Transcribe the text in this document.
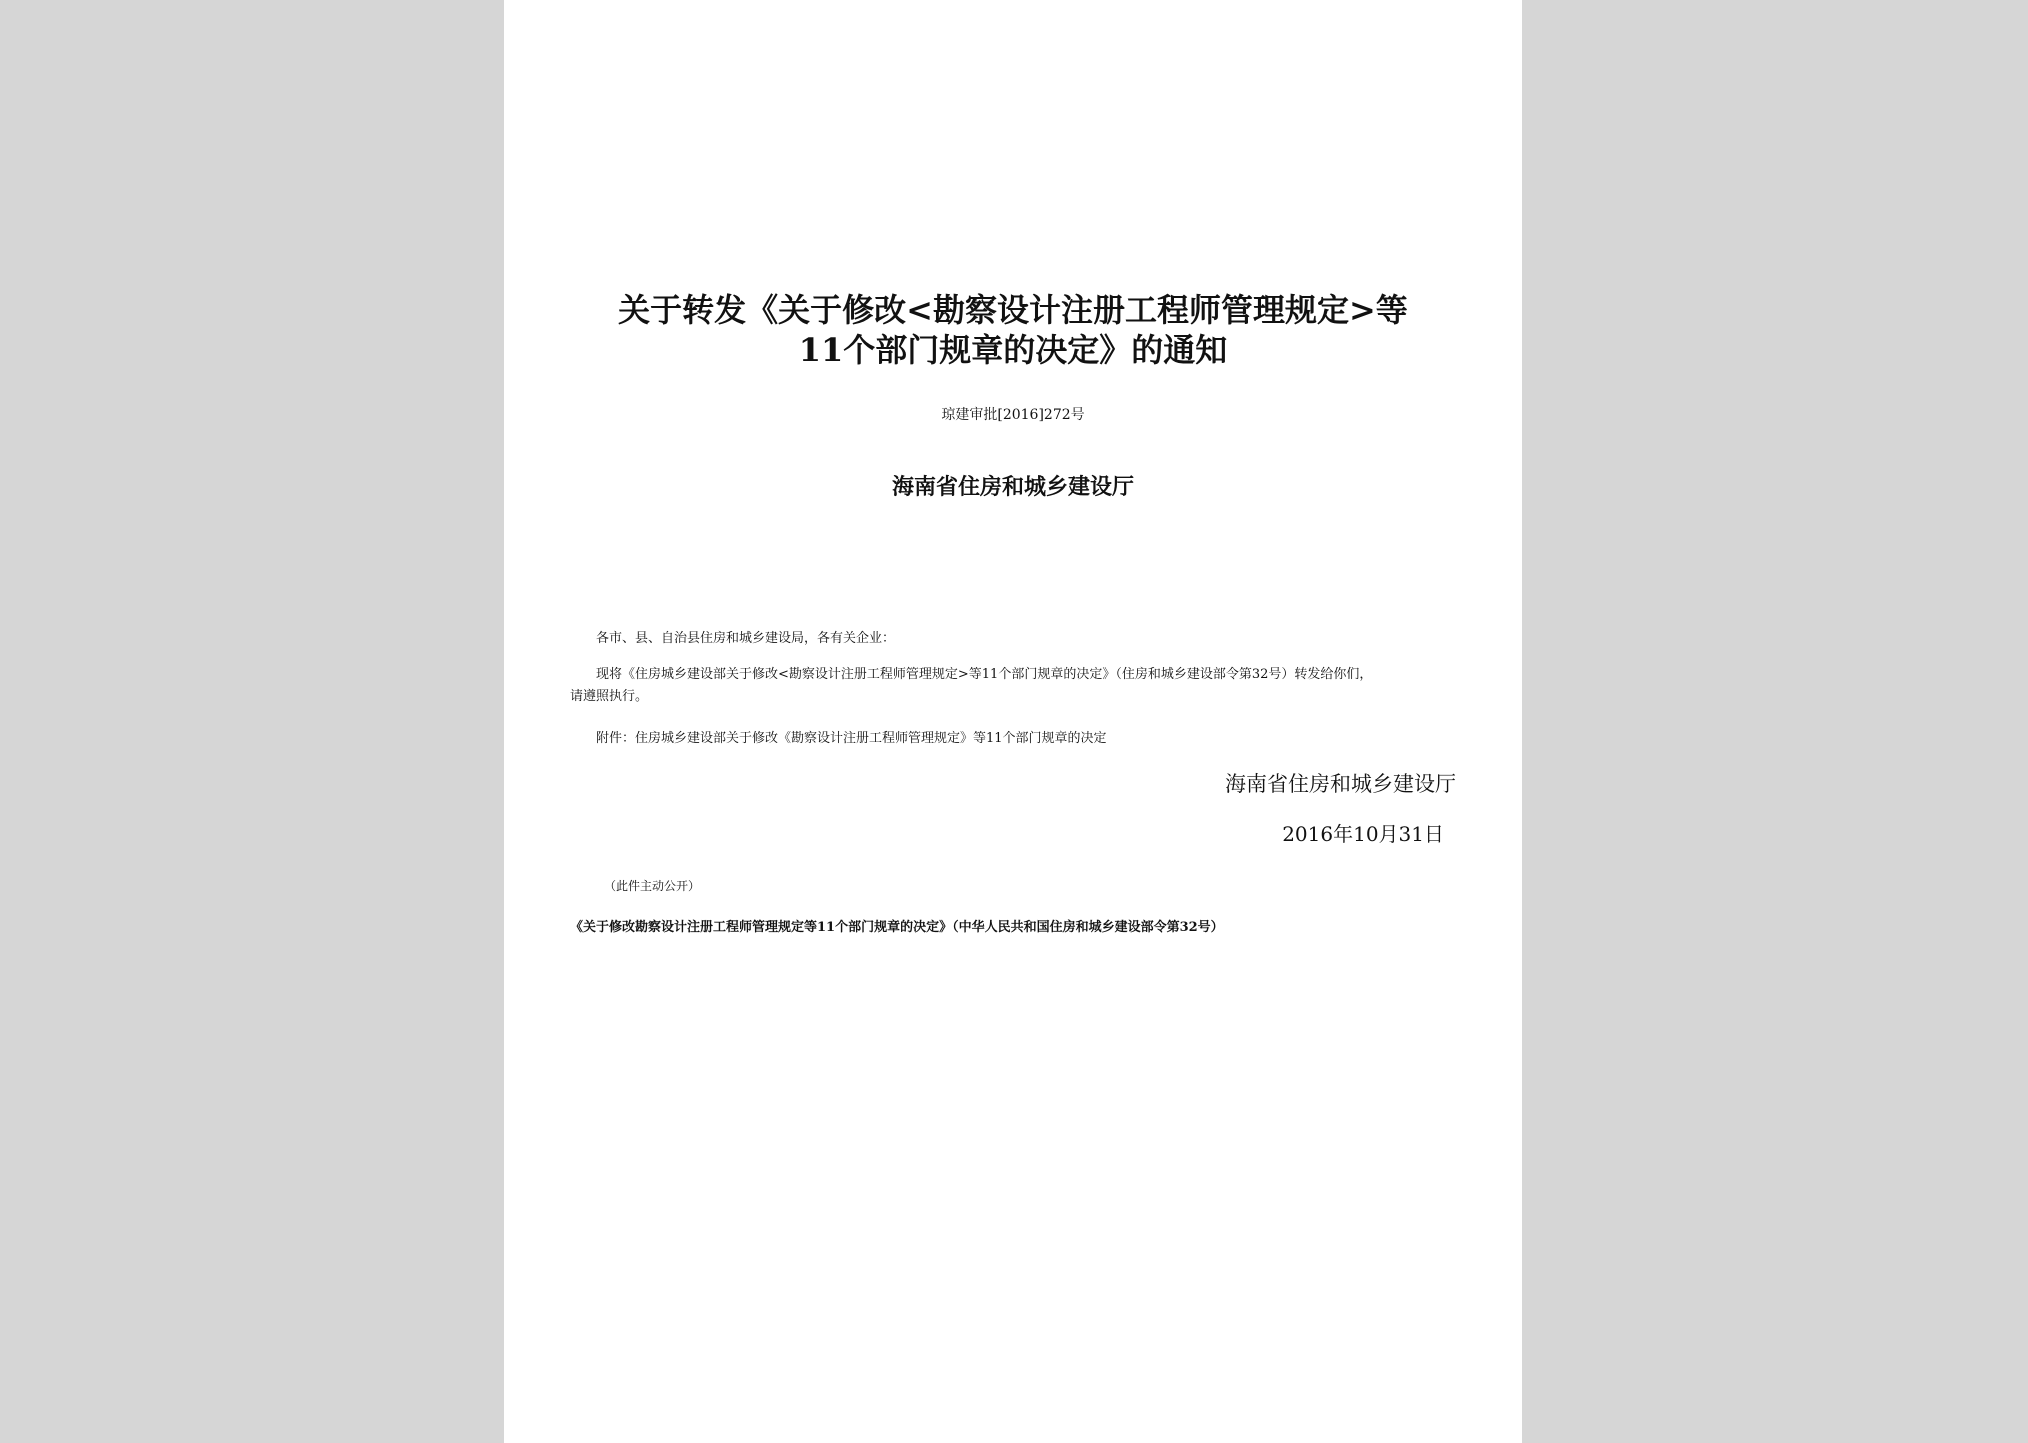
关于转发《关于修改<勘察设计注册工程师管理规定>等
11个部门规章的决定》的通知
琼建审批[2016]272号
海南省住房和城乡建设厅
各市、县、自治县住房和城乡建设局，各有关企业：
现将《住房城乡建设部关于修改<勘察设计注册工程师管理规定>等11个部门规章的决定》（住房和城乡建设部令第32号）转发给你们，
请遵照执行。
附件：住房城乡建设部关于修改《勘察设计注册工程师管理规定》等11个部门规章的决定
海南省住房和城乡建设厅
2016年10月31日
（此件主动公开）
《关于修改勘察设计注册工程师管理规定等11个部门规章的决定》（中华人民共和国住房和城乡建设部令第32号）
